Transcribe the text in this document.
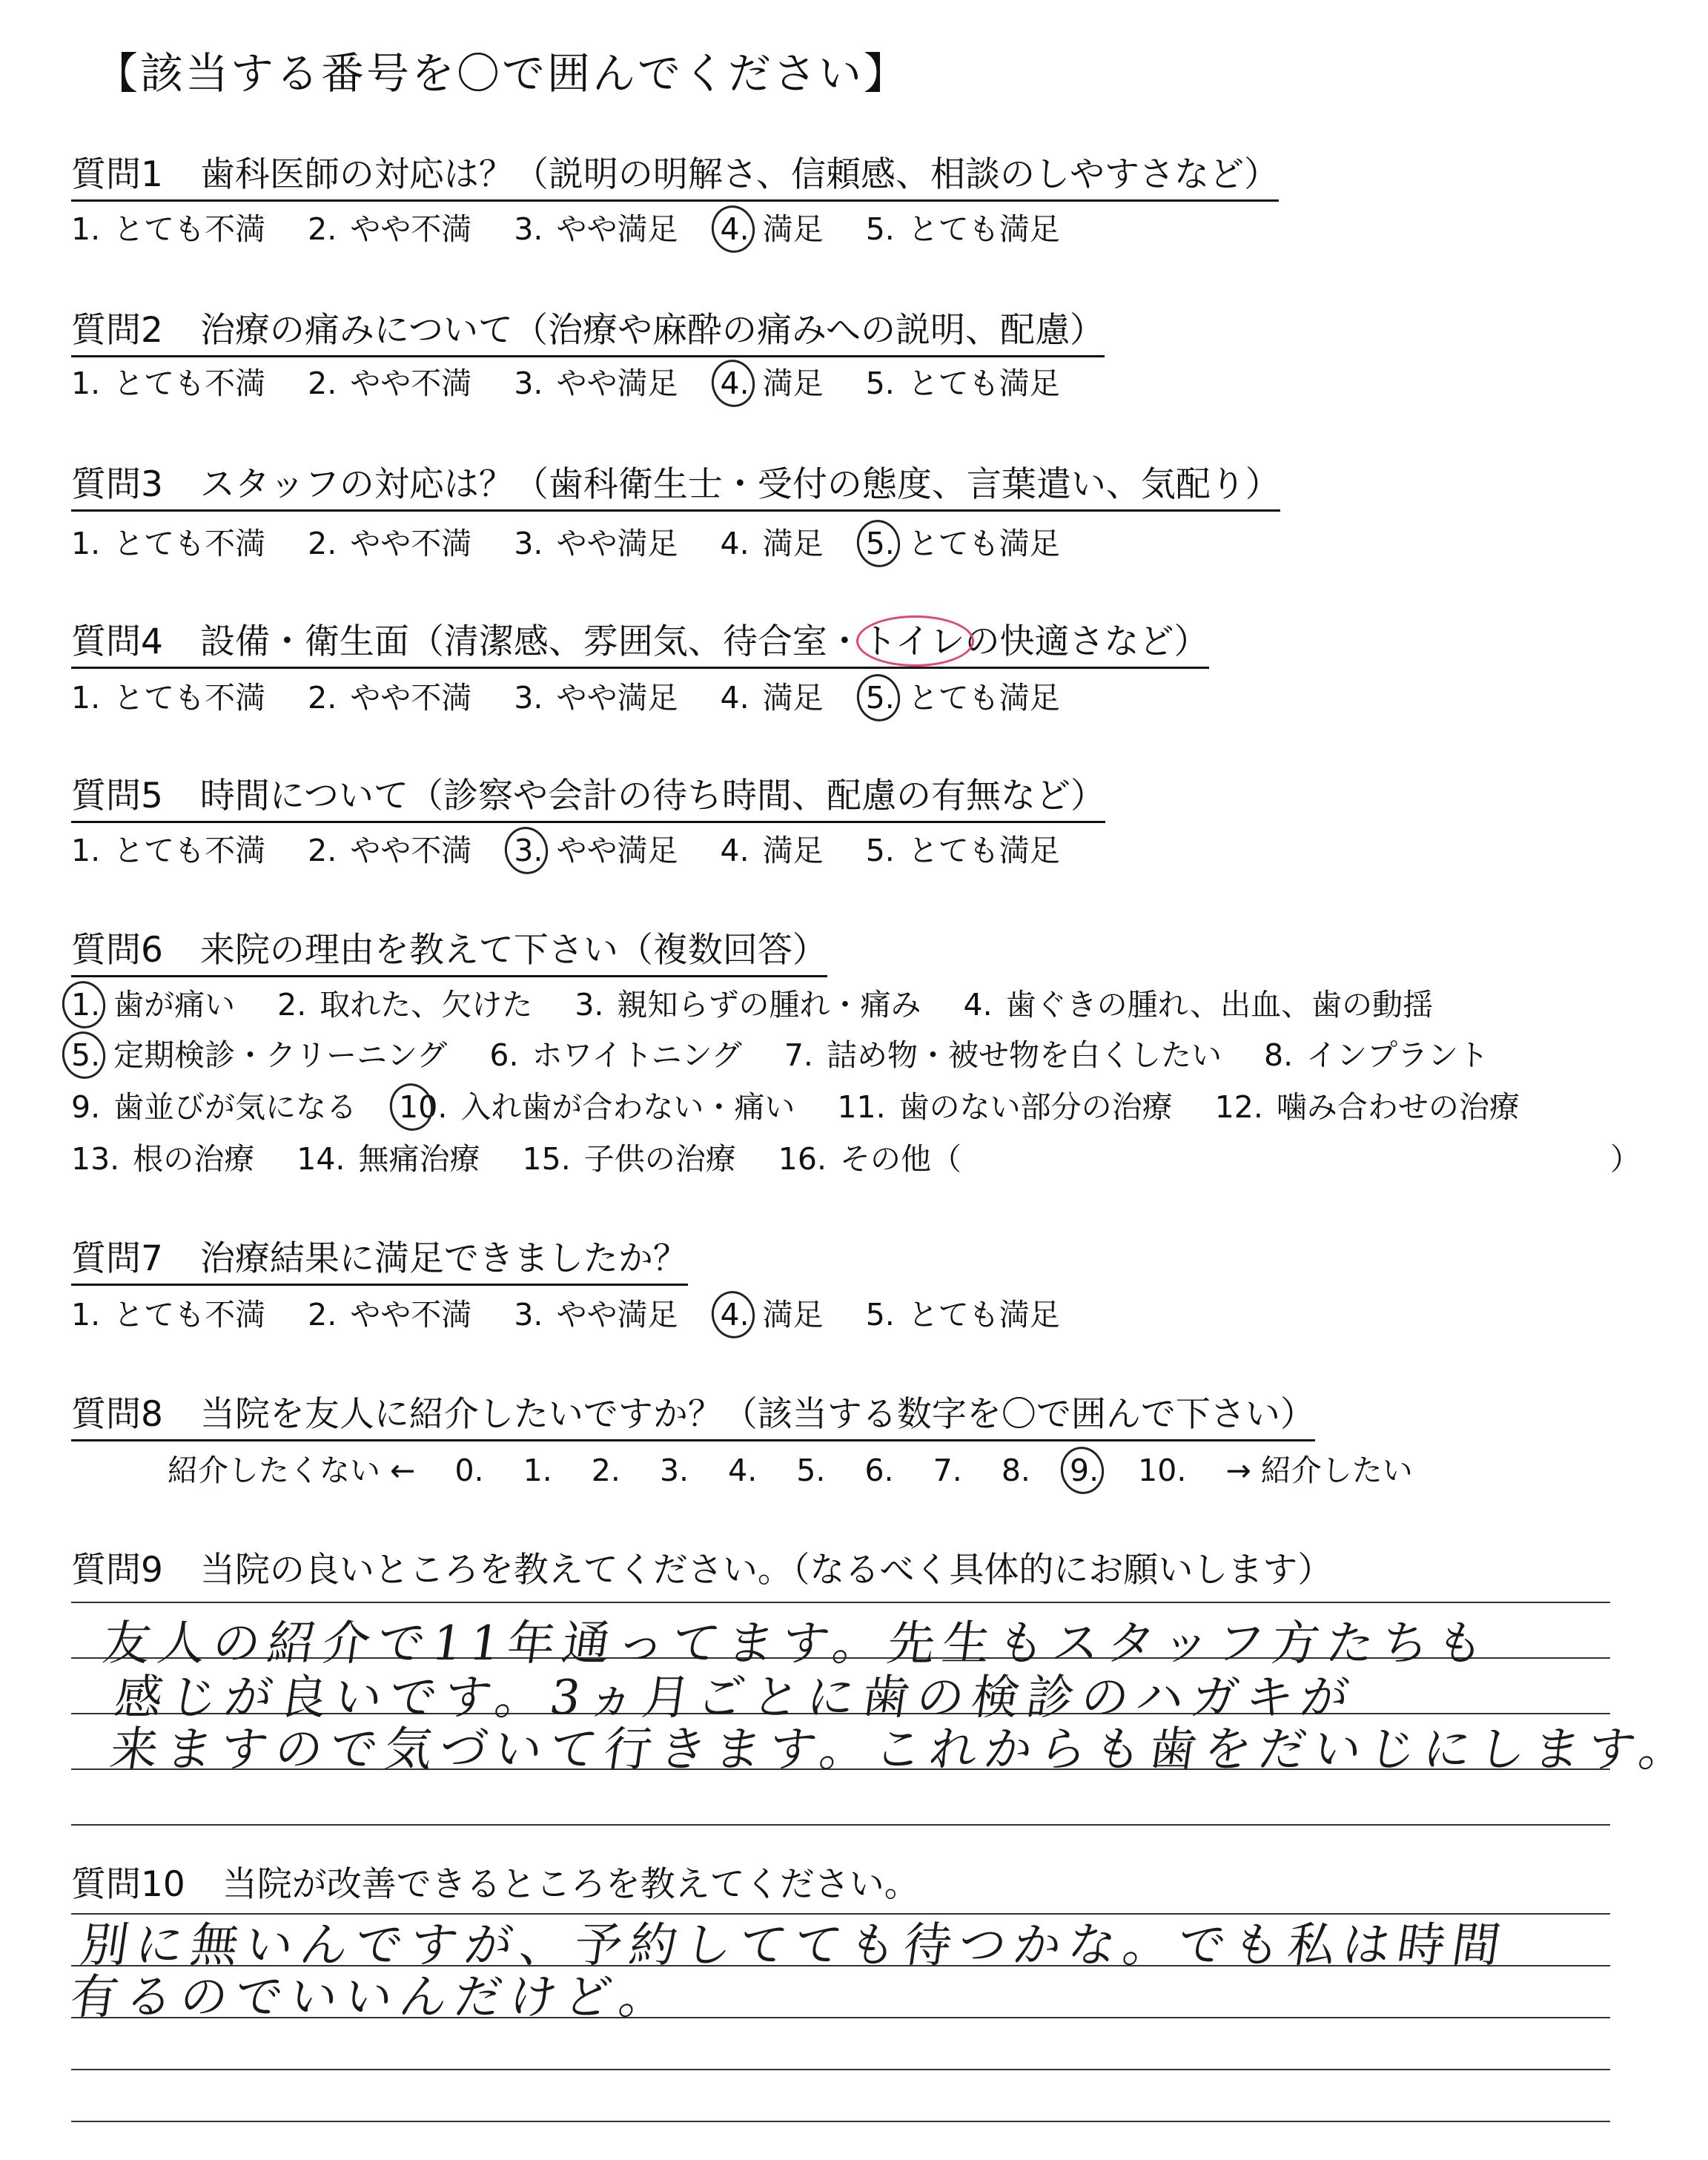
【該当する番号を〇で囲んでください】
質問1 歯科医師の対応は？（説明の明解さ、信頼感、相談のしやすさなど）
1. とても不満 2. やや不満 3. やや満足 4. 満足 5. とても満足
質問2 治療の痛みについて（治療や麻酔の痛みへの説明、配慮）
1. とても不満 2. やや不満 3. やや満足 4. 満足 5. とても満足
質問3 スタッフの対応は？（歯科衛生士・受付の態度、言葉遣い、気配り）
1. とても不満 2. やや不満 3. やや満足 4. 満足 5. とても満足
質問4 設備・衛生面（清潔感、雰囲気、待合室・トイレの快適さなど）
1. とても不満 2. やや不満 3. やや満足 4. 満足 5. とても満足
質問5 時間について（診察や会計の待ち時間、配慮の有無など）
1. とても不満 2. やや不満 3. やや満足 4. 満足 5. とても満足
質問6 来院の理由を教えて下さい（複数回答）
1. 歯が痛い 2. 取れた、欠けた 3. 親知らずの腫れ・痛み 4. 歯ぐきの腫れ、出血、歯の動揺
5. 定期検診・クリーニング 6. ホワイトニング 7. 詰め物・被せ物を白くしたい 8. インプラント
9. 歯並びが気になる 10. 入れ歯が合わない・痛い 11. 歯のない部分の治療 12. 噛み合わせの治療
13. 根の治療 14. 無痛治療 15. 子供の治療 16. その他（	）
質問7 治療結果に満足できましたか？
1. とても不満 2. やや不満 3. やや満足 4. 満足 5. とても満足
質問8 当院を友人に紹介したいですか？（該当する数字を〇で囲んで下さい）
紹介したくない ← 0. 1. 2. 3. 4. 5. 6. 7. 8. 9. 10. → 紹介したい
質問9 当院の良いところを教えてください。（なるべく具体的にお願いします）
友人の紹介で11年通ってます。先生もスタッフ方たちも
感じが良いです。3ヵ月ごとに歯の検診のハガキが
来ますので気づいて行きます。これからも歯をだいじにします。
質問10 当院が改善できるところを教えてください。
別に無いんですが、予約してても待つかな。でも私は時間
有るのでいいんだけど。
